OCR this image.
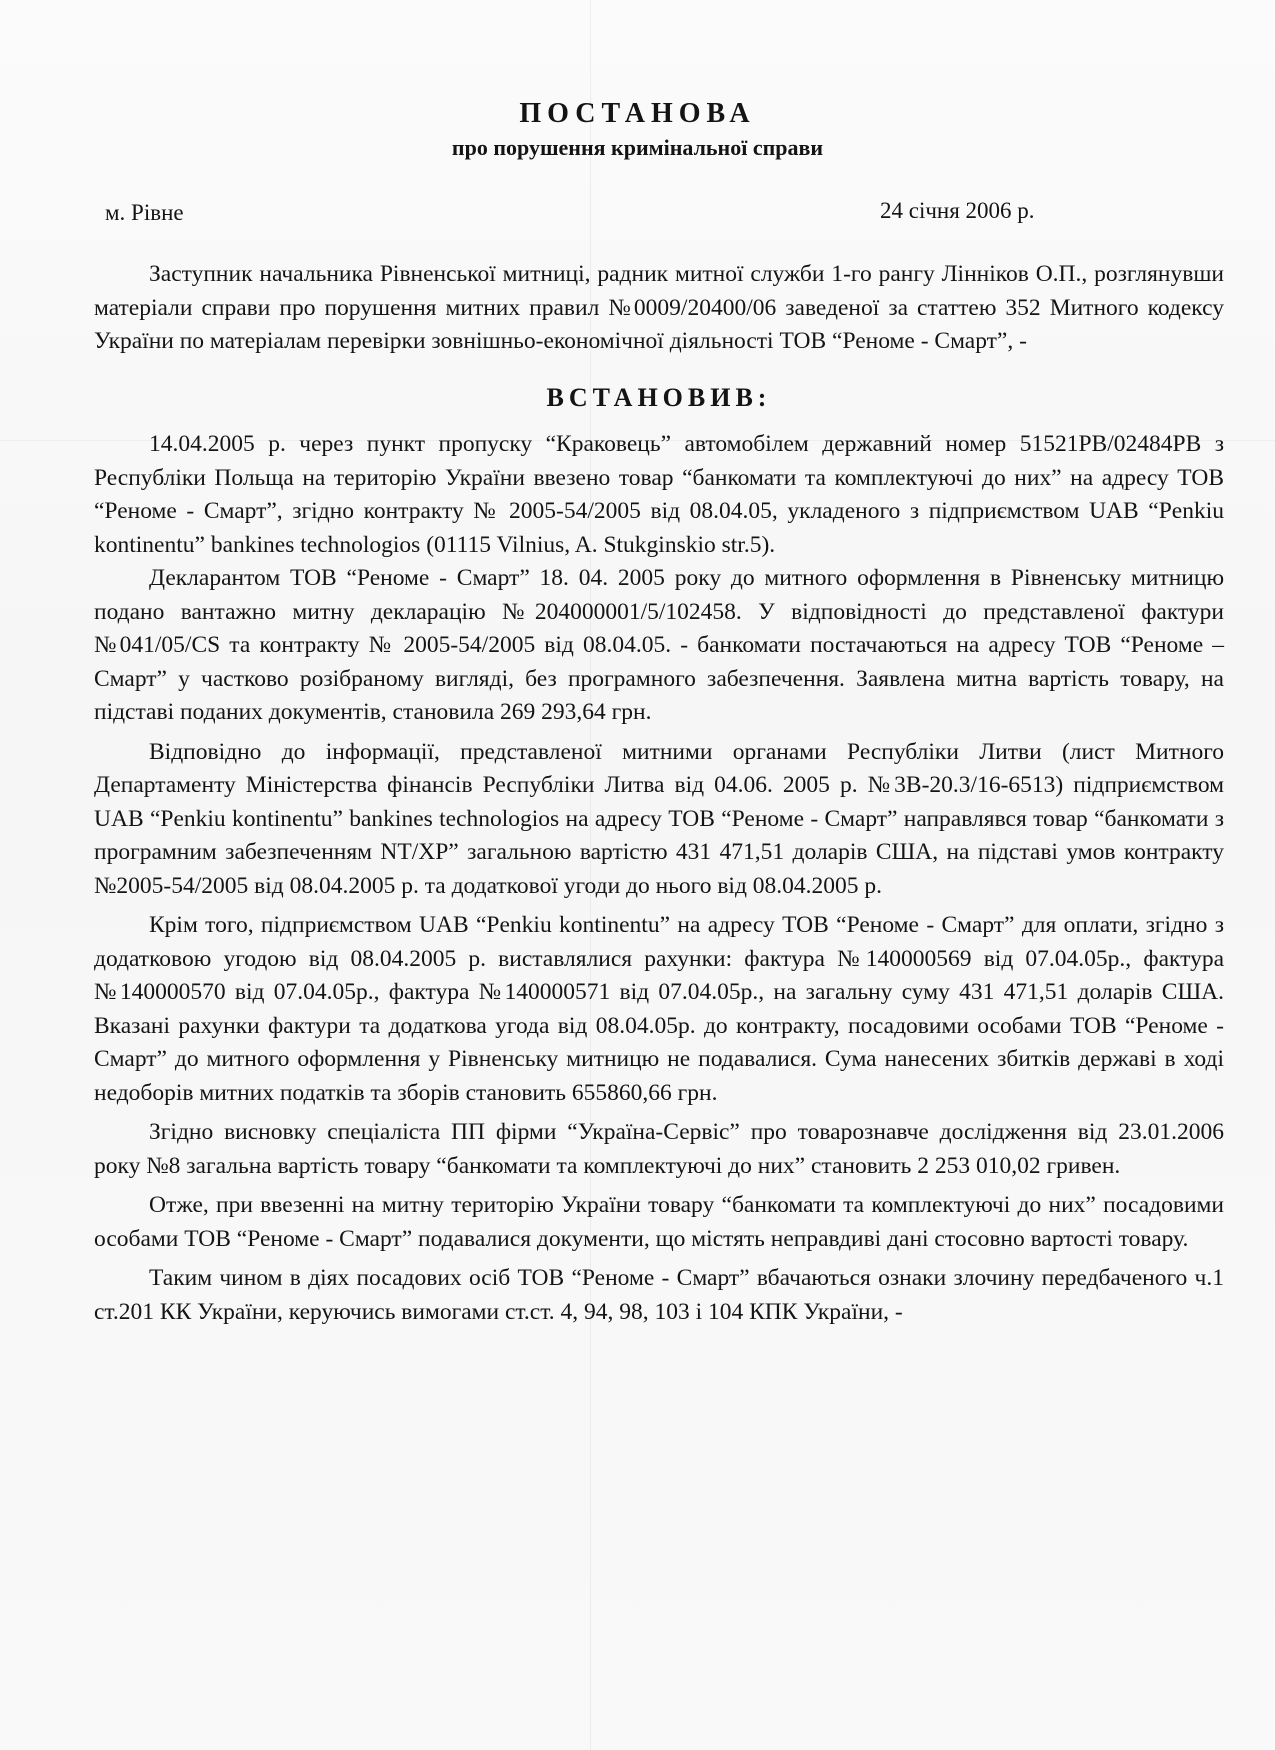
ПОСТАНОВА
про порушення кримінальної справи
м. Рівне	24 січня 2006 р.

Заступник начальника Рівненської митниці, радник митної служби 1-го рангу Лінніков О.П., розглянувши матеріали справи про порушення митних правил №0009/20400/06 заведеної за статтею 352 Митного кодексу України по матеріалам перевірки зовнішньо-економічної діяльності ТОВ “Реноме - Смарт”, -

ВСТАНОВИВ:

14.04.2005 р. через пункт пропуску “Краковець” автомобілем державний номер 51521РВ/02484РВ з Республіки Польща на територію України ввезено товар “банкомати та комплектуючі до них” на адресу ТОВ “Реноме - Смарт”, згідно контракту № 2005-54/2005 від 08.04.05, укладеного з підприємством UAB “Penkiu kontinentu” bankines technologios (01115 Vilnius, A. Stukginskio str.5).

Декларантом ТОВ “Реноме - Смарт” 18. 04. 2005 року до митного оформлення в Рівненську митницю подано вантажно митну декларацію №204000001/5/102458. У відповідності до представленої фактури №041/05/CS та контракту № 2005-54/2005 від 08.04.05. - банкомати постачаються на адресу ТОВ “Реноме – Смарт” у частково розібраному вигляді, без програмного забезпечення. Заявлена митна вартість товару, на підставі поданих документів, становила 269 293,64 грн.

Відповідно до інформації, представленої митними органами Республіки Литви (лист Митного Департаменту Міністерства фінансів Республіки Литва від 04.06. 2005 р. №3В-20.3/16-6513) підприємством UAB “Penkiu kontinentu” bankines technologios на адресу ТОВ “Реноме - Смарт” направлявся товар “банкомати з програмним забезпеченням NT/XP” загальною вартістю 431 471,51 доларів США, на підставі умов контракту №2005-54/2005 від 08.04.2005 р. та додаткової угоди до нього від 08.04.2005 р.

Крім того, підприємством UAB “Penkiu kontinentu” на адресу ТОВ “Реноме - Смарт” для оплати, згідно з додатковою угодою від 08.04.2005 р. виставлялися рахунки: фактура №140000569 від 07.04.05р., фактура №140000570 від 07.04.05р., фактура №140000571 від 07.04.05р., на загальну суму 431 471,51 доларів США. Вказані рахунки фактури та додаткова угода від 08.04.05р. до контракту, посадовими особами ТОВ “Реноме - Смарт” до митного оформлення у Рівненську митницю не подавалися. Сума нанесених збитків державі в ході недоборів митних податків та зборів становить 655860,66 грн.

Згідно висновку спеціаліста ПП фірми “Україна-Сервіс” про товарознавче дослідження від 23.01.2006 року №8 загальна вартість товару “банкомати та комплектуючі до них” становить 2 253 010,02 гривен.

Отже, при ввезенні на митну територію України товару “банкомати та комплектуючі до них” посадовими особами ТОВ “Реноме - Смарт” подавалися документи, що містять неправдиві дані стосовно вартості товару.

Таким чином в діях посадових осіб ТОВ “Реноме - Смарт” вбачаються ознаки злочину передбаченого ч.1 ст.201 КК України, керуючись вимогами ст.ст. 4, 94, 98, 103 і 104 КПК України, -
